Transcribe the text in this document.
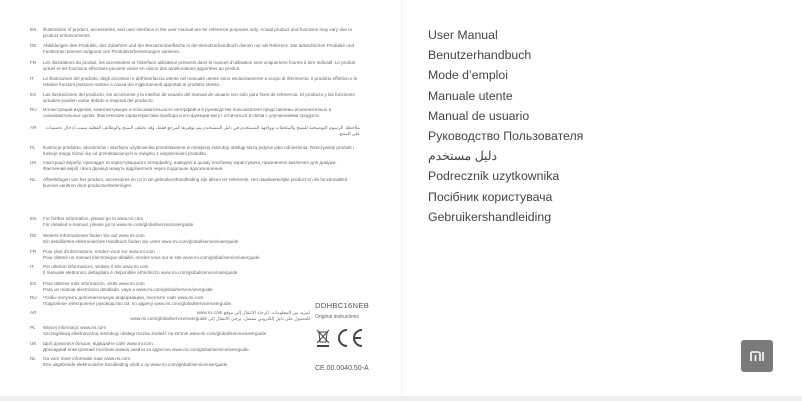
EN	Illustrations of product, accessories, and user interface in the user manual are for reference purposes only. Actual product and functions may vary due to product enhancements.
DE	Abbildungen des Produkts, des Zubehörs und der Benutzeroberfläche in der Benutzerhandbuch dienen nur als Referenz. Die tatsächlichen Produkte und Funktionen können aufgrund von Produktverbesserungen variieren.
FR	Les illustrations du produit, les accessoires et l'interface utilisateur présents dans le manuel d'utilisation sont uniquement fournis à titre indicatif. Le produit actuel et les fonctions effectives peuvent varier en raison des améliorations apportées au produit.
IT	Le illustrazioni del prodotto, degli accessori e dell'interfaccia utente nel manuale utente sono esclusivamente a scopo di riferimento. Il prodotto effettivo e le relative funzioni possono variare a causa dei miglioramenti apportati al prodotto stesso.
ES	Las ilustraciones del producto, los accesorios y la interfaz de usuario del manual de usuario son solo para fines de referencia. El producto y las funciones actuales pueden variar debido a mejoras del producto.
RU	Иллюстрации изделия, комплектующих и пользовательского интерфейса в руководстве пользователя представлены исключительно в ознакомительных целях. Фактические характеристики прибора и его функции могут отличаться в связи с улучшениями продукта.
AR	ملاحظة: الرسوم التوضيحية للمنتج والملحقات وواجهة المستخدم في دليل المستخدم يتم توفيرها كمرجع فقط، وقد يختلف المنتج والوظائف الفعلية بسبب إدخال تحسينات على المنتج.
PL	Ilustracje produktu, akcesoriów i interfejsu użytkownika przedstawione w niniejszej instrukcji obsługi służą jedynie jako odniesienia. Rzeczywisty produkt i funkcje mogą różnić się od przedstawionych w związku z ulepszeniami produktu.
UK	Ілюстрації виробу, приладдя та користувацького інтерфейсу, наведені в цьому посібнику користувача, призначено виключно для довідки. Фактичний виріб і його функції можуть відрізнятися через подальше вдосконалення.
NL	Afbeeldingen van het product, accessoires en UI in de gebruikershandleiding zijn alleen ter referentie. Het daadwerkelijke product en de functionaliteit kunnen variëren door productverbeteringen.
EN	For further information, please go to www.mi.com
For detailed e-manual, please go to www.mi.com/global/service/userguide
DE	Weitere Informationen finden Sie auf www.mi.com
Ein detailliertes elektronisches Handbuch finden Sie unter www.mi.com/global/service/userguide
FR	Pour plus d'informations, rendez-vous sur www.mi.com
Pour obtenir un manuel électronique détaillé, rendez-vous sur le site www.mi.com/global/service/userguide
IT	Per ulteriori informazioni, visitare il sito www.mi.com
Il manuale elettronico dettagliato è disponibile all'indirizzo www.mi.com/global/service/userguide
ES	Para obtener más información, visite www.mi.com
Para un manual electrónico detallado, vaya a www.mi.com/global/service/userguide
RU	Чтобы получить дополнительную информацию, посетите сайт www.mi.com
Подробное электронное руководство см. по адресу www.mi.com/global/service/userguide
AR	لمزيد من المعلومات، الرجاء الانتقال إلى موقع www.mi.com
للحصول على دليل إلكتروني مفصل، يرجى الانتقال إلى www.mi.com/global/service/userguide
PL	Więcej informacji: www.mi.com
Szczegółową elektroniczną instrukcję obsługi można znaleźć na stronie www.mi.com/global/service/userguide
UK	Щоб дізнатися більше, відвідайте сайт www.mi.com.
Докладний електронний посібник можна знайти за адресою www.mi.com/global/service/userguide.
NL	Ga voor meer informatie naar www.mi.com
Een uitgebreide elektronische handleiding vindt u op www.mi.com/global/service/userguide
DDHBC16NEB
Original instructions
CE.00.0040.50-A
User Manual
Benutzerhandbuch
Mode d’emploi
Manuale utente
Manual de usuario
Руководство Пользователя
دليل مستخدم
Podrecznik uzytkownika
Посібник користувача
Gebruikershandleiding
